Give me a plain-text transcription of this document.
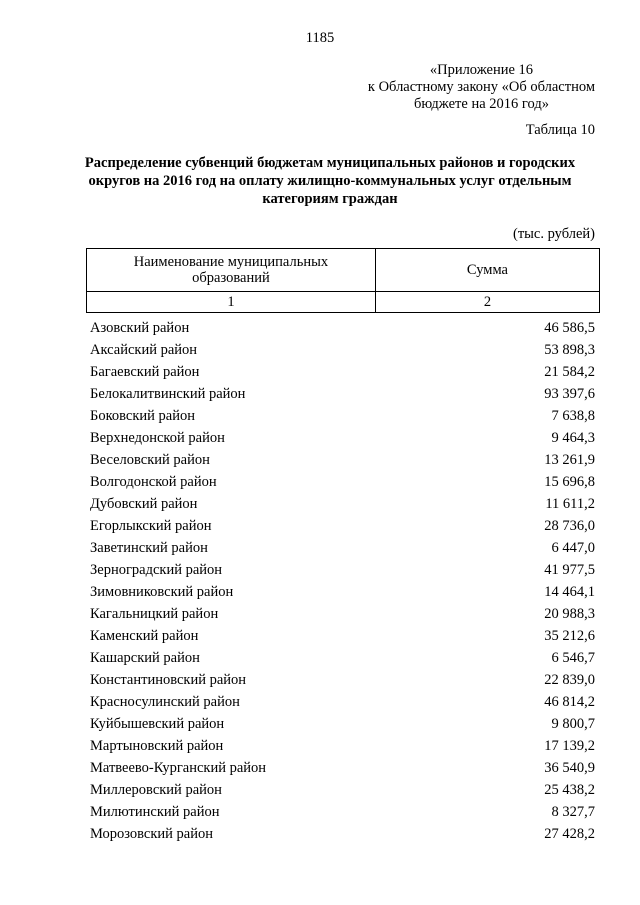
1185
«Приложение 16
к Областному закону «Об областном
бюджете на 2016 год»
Таблица 10
Распределение субвенций бюджетам муниципальных районов и городских округов на 2016 год на оплату жилищно-коммунальных услуг отдельным категориям граждан
(тыс. рублей)
Наименование муниципальных образований	Сумма
1	2
Азовский район	46 586,5
Аксайский район	53 898,3
Багаевский район	21 584,2
Белокалитвинский район	93 397,6
Боковский район	7 638,8
Верхнедонской район	9 464,3
Веселовский район	13 261,9
Волгодонской район	15 696,8
Дубовский район	11 611,2
Егорлыкский район	28 736,0
Заветинский район	6 447,0
Зерноградский район	41 977,5
Зимовниковский район	14 464,1
Кагальницкий район	20 988,3
Каменский район	35 212,6
Кашарский район	6 546,7
Константиновский район	22 839,0
Красносулинский район	46 814,2
Куйбышевский район	9 800,7
Мартыновский район	17 139,2
Матвеево-Курганский район	36 540,9
Миллеровский район	25 438,2
Милютинский район	8 327,7
Морозовский район	27 428,2
